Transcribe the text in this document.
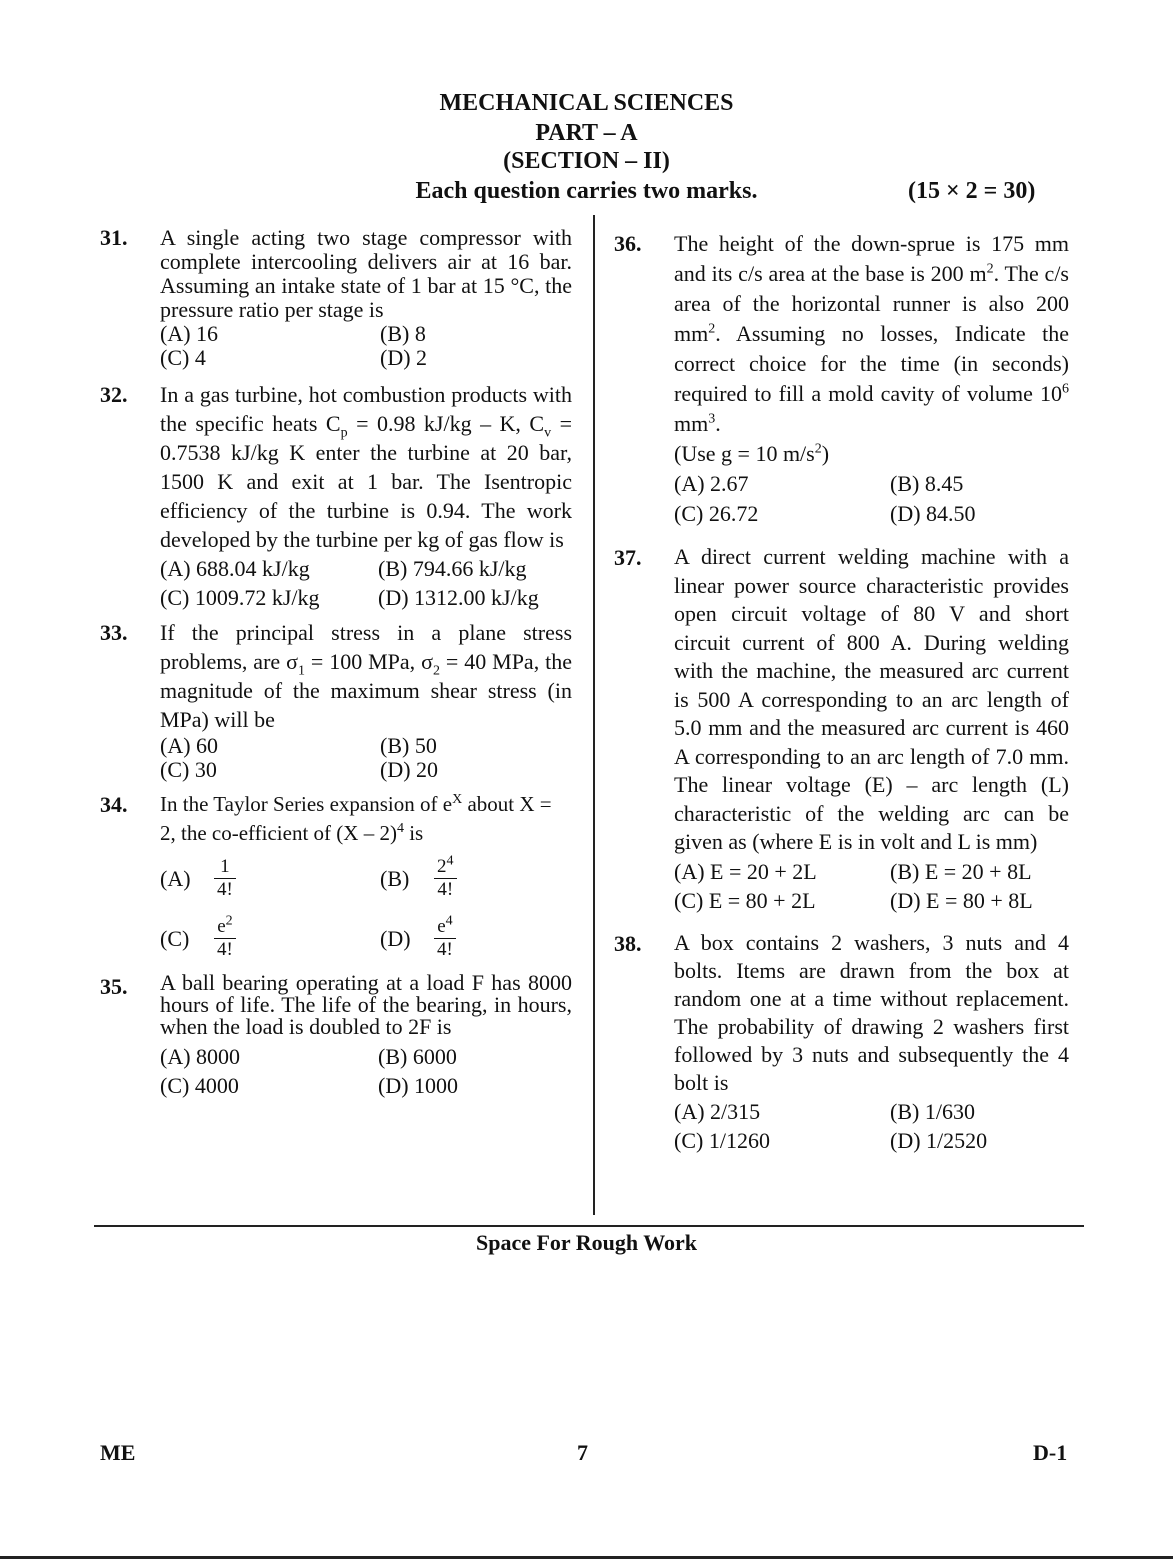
MECHANICAL SCIENCES
PART – A
(SECTION – II)
Each question carries two marks.	(15 × 2 = 30)
31. A single acting two stage compressor with complete intercooling delivers air at 16 bar. Assuming an intake state of 1 bar at 15 °C, the pressure ratio per stage is
(A) 16	(B) 8
(C) 4	(D) 2
32. In a gas turbine, hot combustion products with the specific heats $C_p = 0.98$ kJ/kg – K, $C_v = 0.7538$ kJ/kg K enter the turbine at 20 bar, 1500 K and exit at 1 bar. The Isentropic efficiency of the turbine is 0.94. The work developed by the turbine per kg of gas flow is
(A) 688.04 kJ/kg	(B) 794.66 kJ/kg
(C) 1009.72 kJ/kg	(D) 1312.00 kJ/kg
33. If the principal stress in a plane stress problems, are $\sigma_1 = 100$ MPa, $\sigma_2 = 40$ MPa, the magnitude of the maximum shear stress (in MPa) will be
(A) 60	(B) 50
(C) 30	(D) 20
34. In the Taylor Series expansion of $e^X$ about X = 2, the co-efficient of (X – 2)$^4$ is
(A)	$\frac{1}{4!}$	(B)	$\frac{2^4}{4!}$
(C)	$\frac{e^2}{4!}$	(D)	$\frac{e^4}{4!}$
35. A ball bearing operating at a load F has 8000 hours of life. The life of the bearing, in hours, when the load is doubled to 2F is
(A) 8000	(B) 6000
(C) 4000	(D) 1000
36. The height of the down-sprue is 175 mm and its c/s area at the base is 200 $m^2$. The c/s area of the horizontal runner is also 200 $mm^2$. Assuming no losses, Indicate the correct choice for the time (in seconds) required to fill a mold cavity of volume $10^6$ $mm^3$.
(Use g = 10 $m/s^2$)
(A) 2.67	(B) 8.45
(C) 26.72	(D) 84.50
37. A direct current welding machine with a linear power source characteristic provides open circuit voltage of 80 V and short circuit current of 800 A. During welding with the machine, the measured arc current is 500 A corresponding to an arc length of 5.0 mm and the measured arc current is 460 A corresponding to an arc length of 7.0 mm. The linear voltage (E) – arc length (L) characteristic of the welding arc can be given as (where E is in volt and L is mm)
(A) E = 20 + 2L	(B) E = 20 + 8L
(C) E = 80 + 2L	(D) E = 80 + 8L
38. A box contains 2 washers, 3 nuts and 4 bolts. Items are drawn from the box at random one at a time without replacement. The probability of drawing 2 washers first followed by 3 nuts and subsequently the 4 bolt is
(A) 2/315	(B) 1/630
(C) 1/1260	(D) 1/2520
Space For Rough Work
ME	7	D-1
